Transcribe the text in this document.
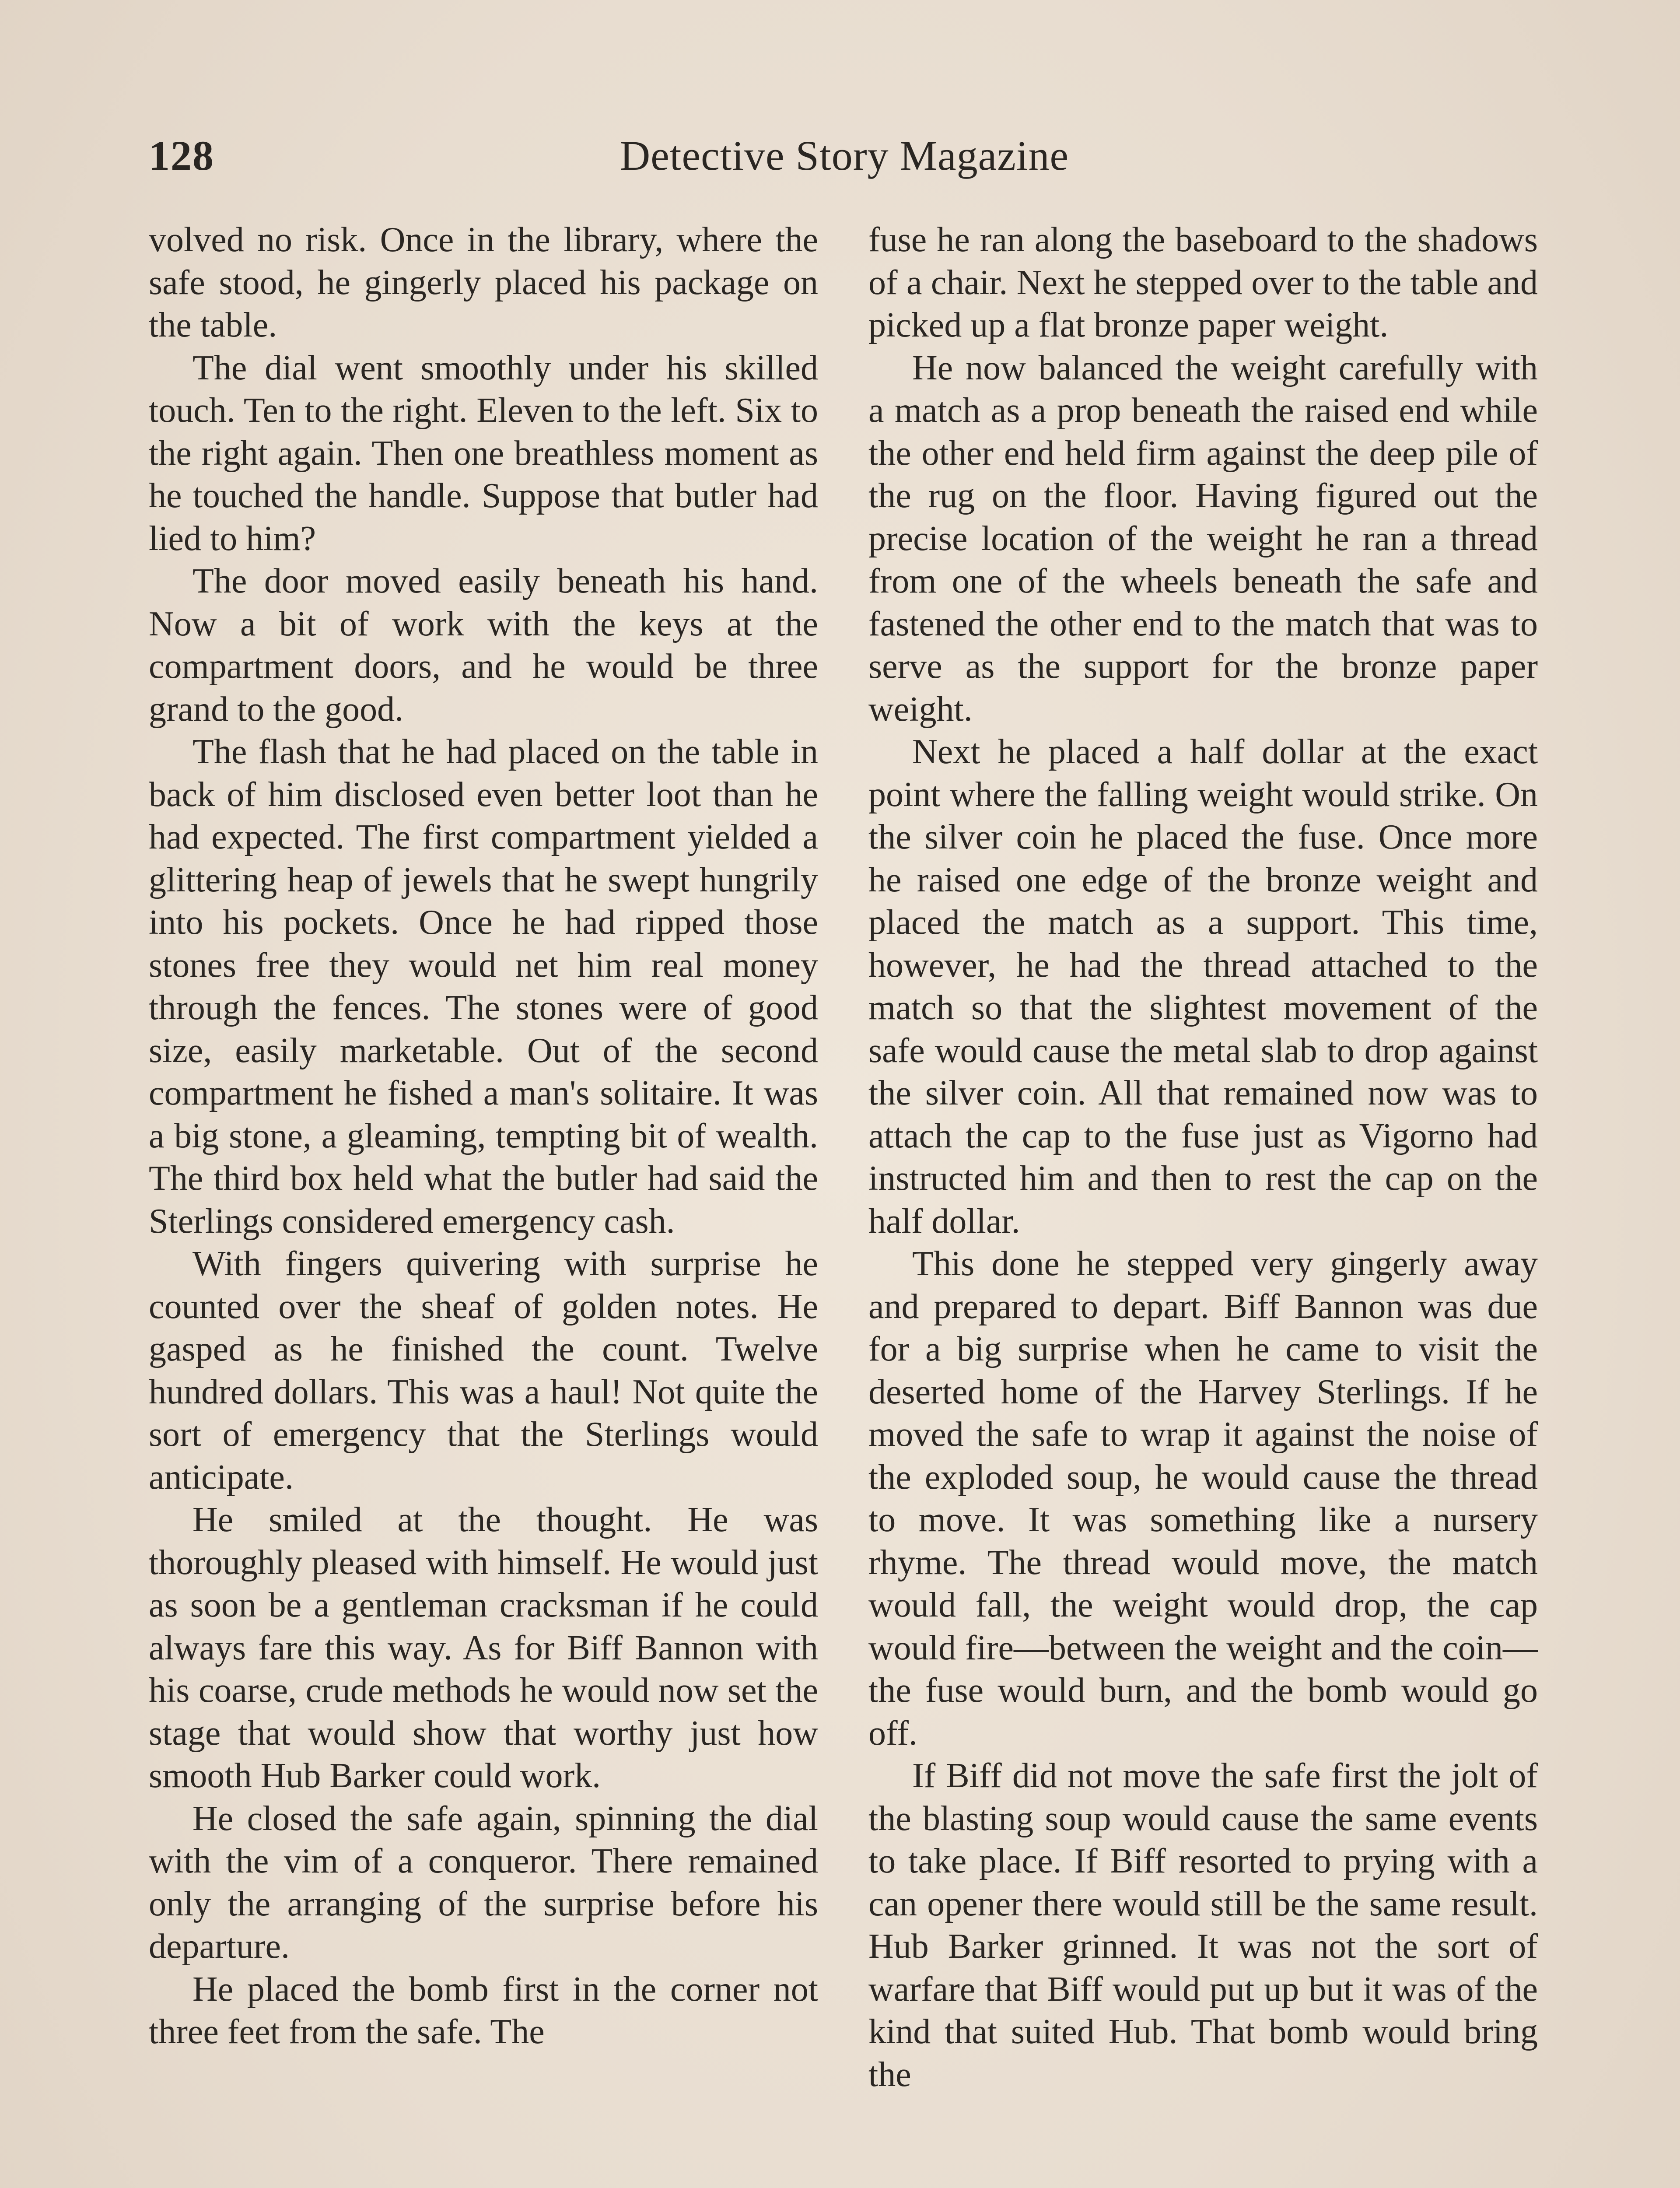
128	Detective Story Magazine

volved no risk. Once in the library, where the safe stood, he gingerly placed his package on the table.

The dial went smoothly under his skilled touch. Ten to the right. Eleven to the left. Six to the right again. Then one breathless moment as he touched the handle. Suppose that butler had lied to him?

The door moved easily beneath his hand. Now a bit of work with the keys at the compartment doors, and he would be three grand to the good.

The flash that he had placed on the table in back of him disclosed even better loot than he had expected. The first compartment yielded a glittering heap of jewels that he swept hungrily into his pockets. Once he had ripped those stones free they would net him real money through the fences. The stones were of good size, easily marketable. Out of the second compartment he fished a man's solitaire. It was a big stone, a gleaming, tempting bit of wealth. The third box held what the butler had said the Sterlings considered emergency cash.

With fingers quivering with surprise he counted over the sheaf of golden notes. He gasped as he finished the count. Twelve hundred dollars. This was a haul! Not quite the sort of emergency that the Sterlings would anticipate.

He smiled at the thought. He was thoroughly pleased with himself. He would just as soon be a gentleman cracksman if he could always fare this way. As for Biff Bannon with his coarse, crude methods he would now set the stage that would show that worthy just how smooth Hub Barker could work.

He closed the safe again, spinning the dial with the vim of a conqueror. There remained only the arranging of the surprise before his departure.

He placed the bomb first in the corner not three feet from the safe. The

fuse he ran along the baseboard to the shadows of a chair. Next he stepped over to the table and picked up a flat bronze paper weight.

He now balanced the weight carefully with a match as a prop beneath the raised end while the other end held firm against the deep pile of the rug on the floor. Having figured out the precise location of the weight he ran a thread from one of the wheels beneath the safe and fastened the other end to the match that was to serve as the support for the bronze paper weight.

Next he placed a half dollar at the exact point where the falling weight would strike. On the silver coin he placed the fuse. Once more he raised one edge of the bronze weight and placed the match as a support. This time, however, he had the thread attached to the match so that the slightest movement of the safe would cause the metal slab to drop against the silver coin. All that remained now was to attach the cap to the fuse just as Vigorno had instructed him and then to rest the cap on the half dollar.

This done he stepped very gingerly away and prepared to depart. Biff Bannon was due for a big surprise when he came to visit the deserted home of the Harvey Sterlings. If he moved the safe to wrap it against the noise of the exploded soup, he would cause the thread to move. It was something like a nursery rhyme. The thread would move, the match would fall, the weight would drop, the cap would fire—between the weight and the coin—the fuse would burn, and the bomb would go off.

If Biff did not move the safe first the jolt of the blasting soup would cause the same events to take place. If Biff resorted to prying with a can opener there would still be the same result. Hub Barker grinned. It was not the sort of warfare that Biff would put up but it was of the kind that suited Hub. That bomb would bring the
